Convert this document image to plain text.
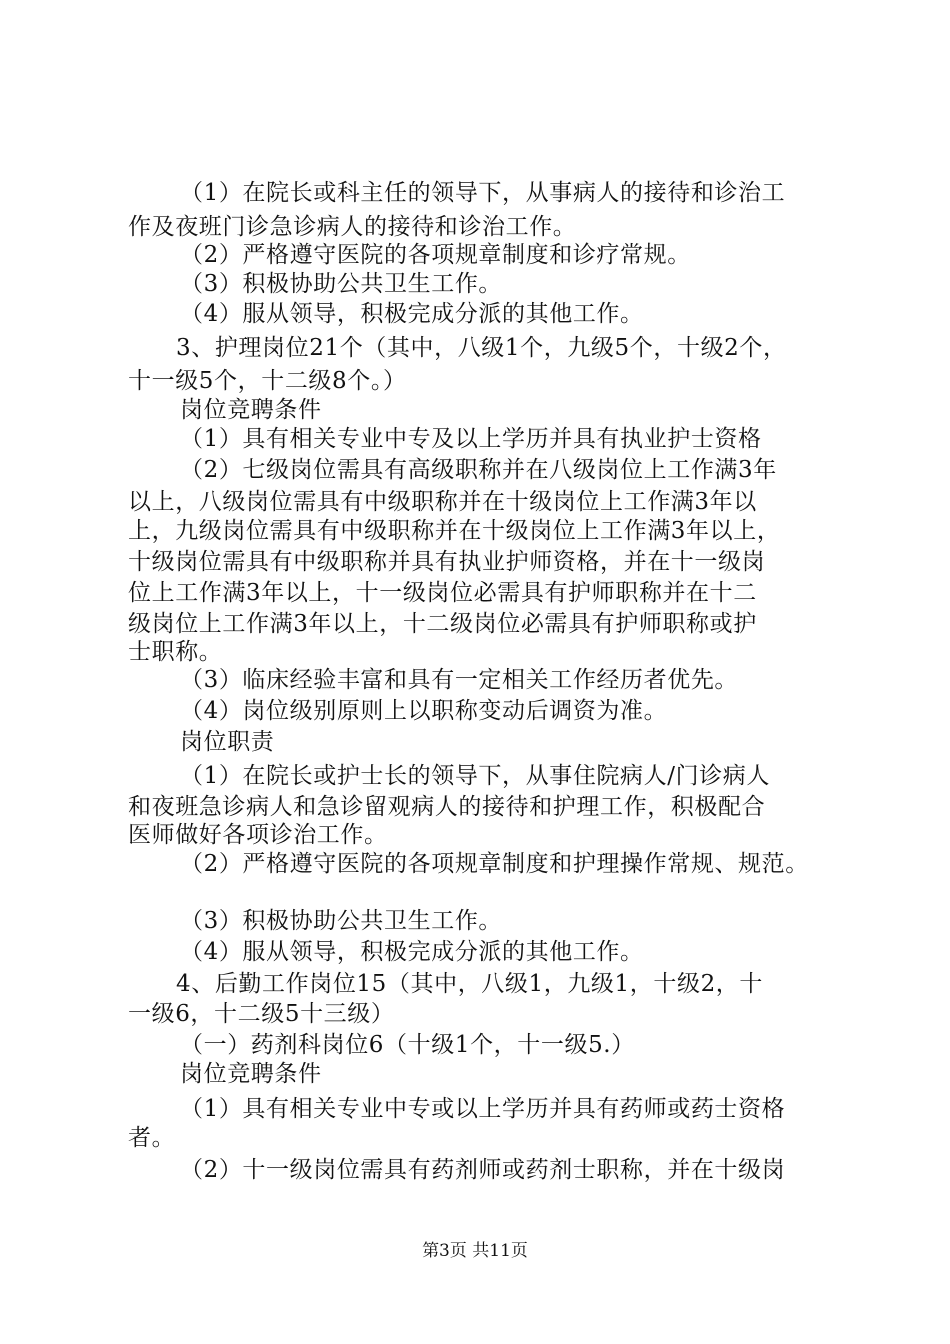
（1）在院长或科主任的领导下，从事病人的接待和诊治工
作及夜班门诊急诊病人的接待和诊治工作。
（2）严格遵守医院的各项规章制度和诊疗常规。
（3）积极协助公共卫生工作。
（4）服从领导，积极完成分派的其他工作。
3、护理岗位21个（其中，八级1个，九级5个，十级2个，
十一级5个，十二级8个。）
岗位竞聘条件
（1）具有相关专业中专及以上学历并具有执业护士资格
（2）七级岗位需具有高级职称并在八级岗位上工作满3年
以上，八级岗位需具有中级职称并在十级岗位上工作满3年以
上，九级岗位需具有中级职称并在十级岗位上工作满3年以上，
十级岗位需具有中级职称并具有执业护师资格，并在十一级岗
位上工作满3年以上，十一级岗位必需具有护师职称并在十二
级岗位上工作满3年以上，十二级岗位必需具有护师职称或护
士职称。
（3）临床经验丰富和具有一定相关工作经历者优先。
（4）岗位级别原则上以职称变动后调资为准。
岗位职责
（1）在院长或护士长的领导下，从事住院病人/门诊病人
和夜班急诊病人和急诊留观病人的接待和护理工作，积极配合
医师做好各项诊治工作。
（2）严格遵守医院的各项规章制度和护理操作常规、规范。
（3）积极协助公共卫生工作。
（4）服从领导，积极完成分派的其他工作。
4、后勤工作岗位15（其中，八级1，九级1，十级2，十
一级6，十二级5十三级）
（一）药剂科岗位6（十级1个，十一级5.）
岗位竞聘条件
（1）具有相关专业中专或以上学历并具有药师或药士资格
者。
（2）十一级岗位需具有药剂师或药剂士职称，并在十级岗
第3页 共11页
